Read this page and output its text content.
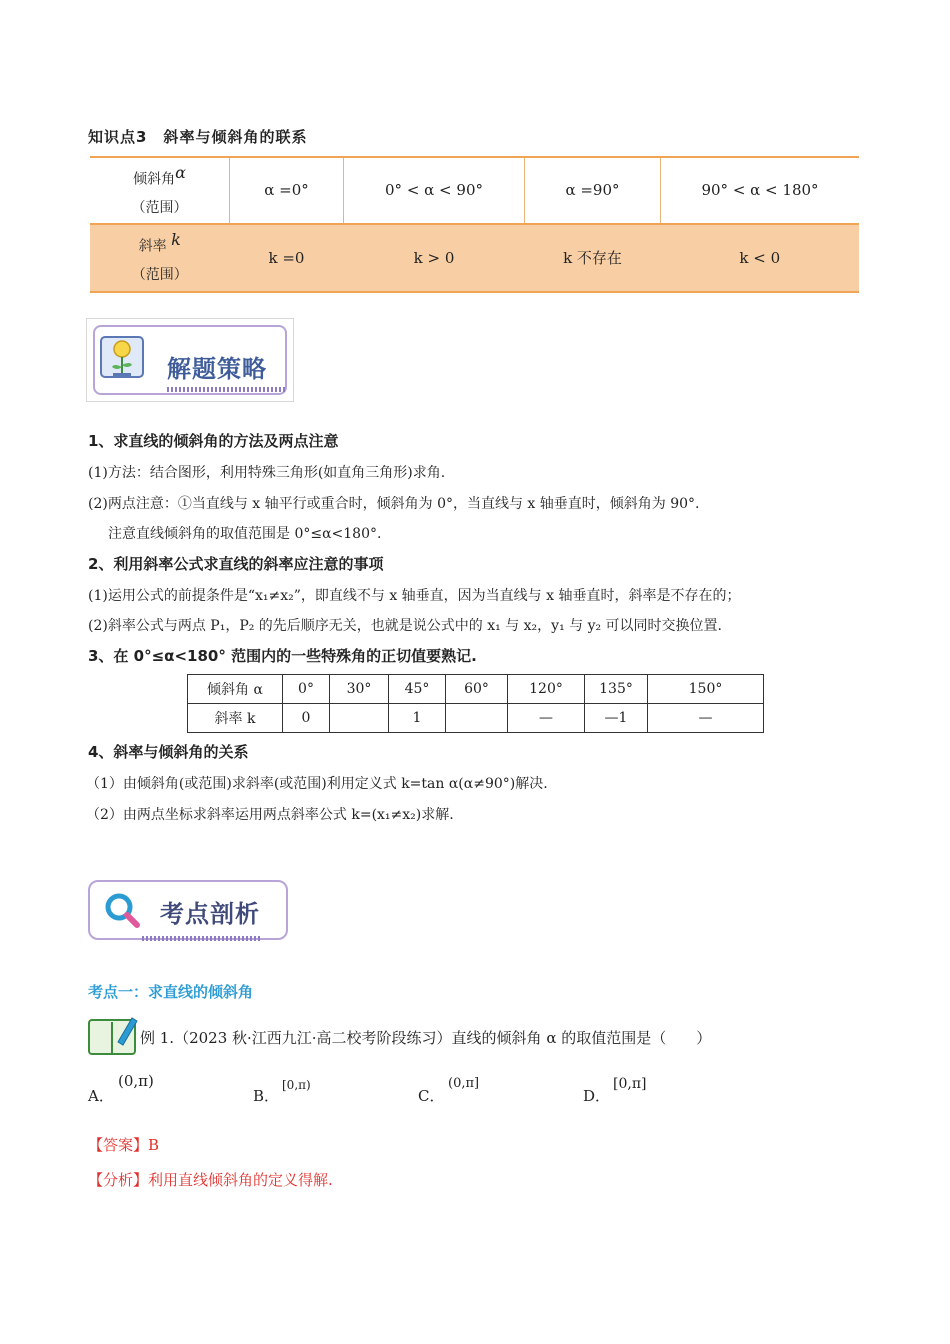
知识点3　斜率与倾斜角的联系
倾斜角α
（范围）	α =0°	0° < α < 90°	α =90°	90° < α < 180°

斜率 k
（范围）	k =0	k > 0	k 不存在	k < 0
解题策略
1、求直线的倾斜角的方法及两点注意
(1)方法：结合图形，利用特殊三角形(如直角三角形)求角.
(2)两点注意：①当直线与 x 轴平行或重合时，倾斜角为 0°，当直线与 x 轴垂直时，倾斜角为 90°.
注意直线倾斜角的取值范围是 0°≤α<180°.
2、利用斜率公式求直线的斜率应注意的事项
(1)运用公式的前提条件是“x₁≠x₂”，即直线不与 x 轴垂直，因为当直线与 x 轴垂直时，斜率是不存在的；
(2)斜率公式与两点 P₁，P₂ 的先后顺序无关，也就是说公式中的 x₁ 与 x₂，y₁ 与 y₂ 可以同时交换位置.
3、在 0°≤α<180° 范围内的一些特殊角的正切值要熟记.
倾斜角 α	0°	30°	45°	60°	120°	135°	150°
斜率 k	0		1		—	—1	—
4、斜率与倾斜角的关系
（1）由倾斜角(或范围)求斜率(或范围)利用定义式 k=tan α(α≠90°)解决.
（2）由两点坐标求斜率运用两点斜率公式 k=(x₁≠x₂)求解.
考点剖析
考点一：求直线的倾斜角
例 1.（2023 秋·江西九江·高二校考阶段练习）直线的倾斜角 α 的取值范围是（　　）
A．
(0,π)
B．
[0,π)
C．
(0,π]
D．
[0,π]
【答案】B
【分析】利用直线倾斜角的定义得解.
